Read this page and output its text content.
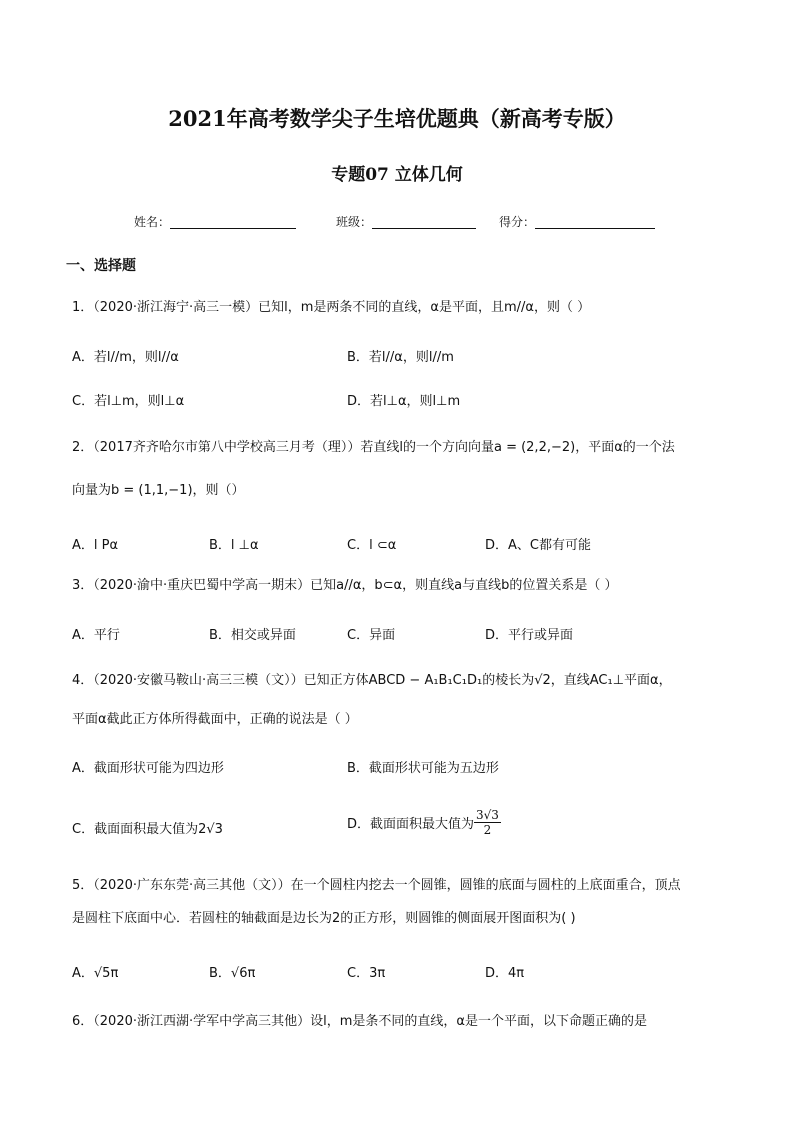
2021年高考数学尖子生培优题典（新高考专版）
专题07 立体几何
姓名：	班级：	得分：
一、选择题
1．（2020·浙江海宁·高三一模）已知l，m是两条不同的直线，α是平面，且m//α，则（ ）
A．若l//m，则l//α	B．若l//α，则l//m
C．若l⊥m，则l⊥α	D．若l⊥α，则l⊥m
2．（2017齐齐哈尔市第八中学校高三月考（理））若直线l的一个方向向量a = (2,2,−2)，平面α的一个法
向量为b = (1,1,−1)，则（）
A．l Pα	B．l ⊥α	C．l ⊂α	D．A、C都有可能
3．（2020·渝中·重庆巴蜀中学高一期末）已知a//α，b⊂α，则直线a与直线b的位置关系是（ ）
A．平行	B．相交或异面	C．异面	D．平行或异面
4．（2020·安徽马鞍山·高三三模（文））已知正方体ABCD − A₁B₁C₁D₁的棱长为√2，直线AC₁⊥平面α，
平面α截此正方体所得截面中，正确的说法是（ ）
A．截面形状可能为四边形	B．截面形状可能为五边形
C．截面面积最大值为2√3	D．截面面积最大值为 $\frac{3√3}{2}$
5．（2020·广东东莞·高三其他（文））在一个圆柱内挖去一个圆锥，圆锥的底面与圆柱的上底面重合，顶点
是圆柱下底面中心．若圆柱的轴截面是边长为2的正方形，则圆锥的侧面展开图面积为( )
A．√5π	B．√6π	C．3π	D．4π
6．（2020·浙江西湖·学军中学高三其他）设l，m是条不同的直线，α是一个平面，以下命题正确的是
